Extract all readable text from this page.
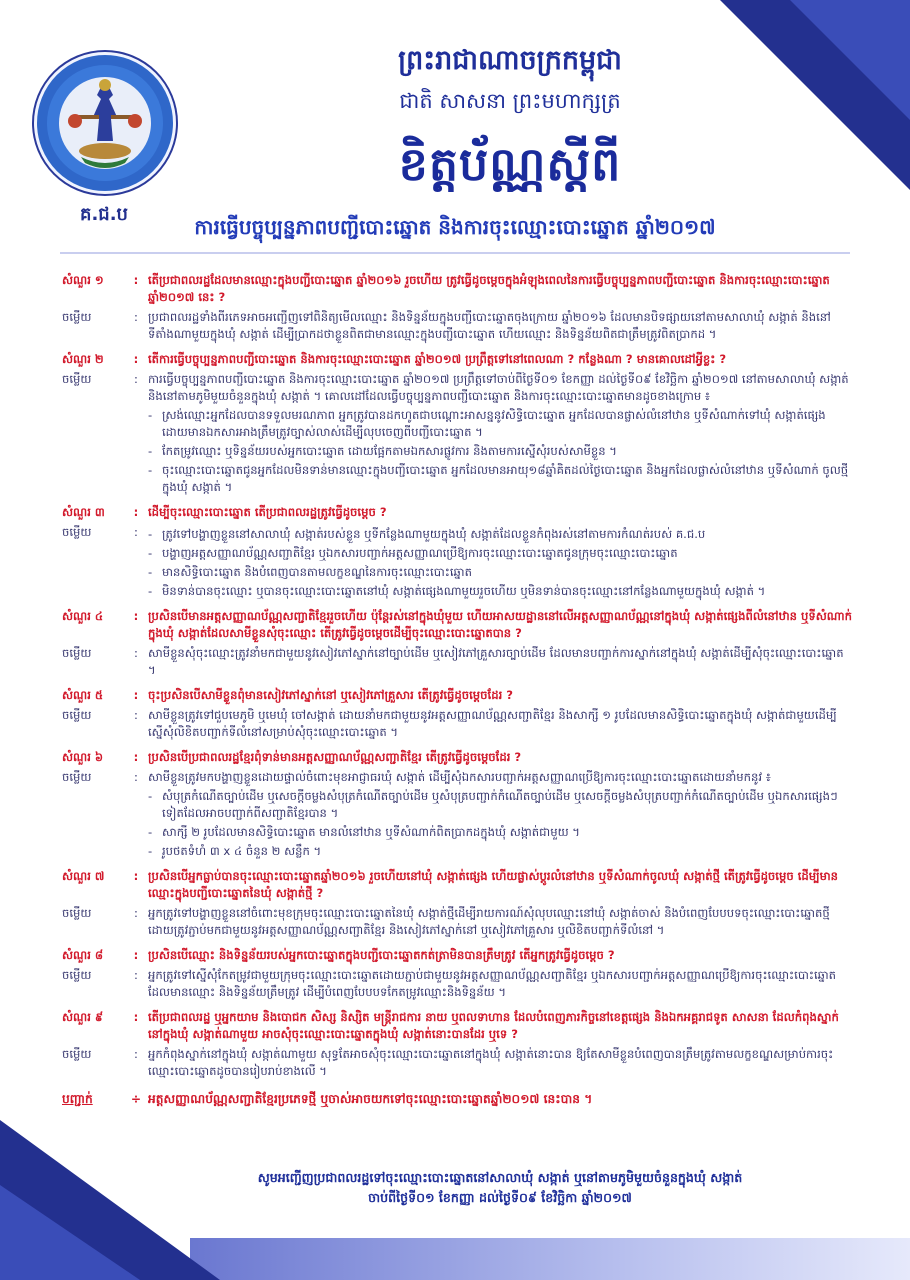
គ.ជ.ប
ព្រះរាជាណាចក្រកម្ពុជា
ជាតិ សាសនា ព្រះមហាក្សត្រ
ខិត្តប័ណ្ណស្តីពី
ការធ្វើបច្ចុប្បន្នភាពបញ្ជីបោះឆ្នោត និងការចុះឈ្មោះបោះឆ្នោត ឆ្នាំ២០១៧
សំណួរ ១	: តើប្រជាពលរដ្ឋដែលមានឈ្មោះក្នុងបញ្ជីបោះឆ្នោត ឆ្នាំ២០១៦ រួចហើយ ត្រូវធ្វើដូចម្ដេចក្នុងអំឡុងពេលនៃការធ្វើបច្ចុប្បន្នភាពបញ្ជីបោះឆ្នោត និងការចុះឈ្មោះបោះឆ្នោត ឆ្នាំ២០១៧ នេះ ?
ចម្លើយ	: ប្រជាពលរដ្ឋទាំងពីរភេទអាចអញ្ជើញទៅពិនិត្យមើលឈ្មោះ និងទិន្នន័យក្នុងបញ្ជីបោះឆ្នោតចុងក្រោយ ឆ្នាំ២០១៦ ដែលមានបិទផ្សាយនៅតាមសាលាឃុំ សង្កាត់ និងនៅទីតាំងណាមួយក្នុងឃុំ សង្កាត់ ដើម្បីប្រាកដថាខ្លួនពិតជាមានឈ្មោះក្នុងបញ្ជីបោះឆ្នោត ហើយឈ្មោះ និងទិន្នន័យពិតជាត្រឹមត្រូវពិតប្រាកដ ។
សំណួរ ២	: តើការធ្វើបច្ចុប្បន្នភាពបញ្ជីបោះឆ្នោត និងការចុះឈ្មោះបោះឆ្នោត ឆ្នាំ២០១៧ ប្រព្រឹត្តទៅនៅពេលណា ? កន្លែងណា ? មានគោលដៅអ្វីខ្លះ ?
ចម្លើយ	: ការធ្វើបច្ចុប្បន្នភាពបញ្ជីបោះឆ្នោត និងការចុះឈ្មោះបោះឆ្នោត ឆ្នាំ២០១៧ ប្រព្រឹត្តទៅចាប់ពីថ្ងៃទី០១ ខែកញ្ញា ដល់ថ្ងៃទី០៩ ខែវិច្ឆិកា ឆ្នាំ២០១៧ នៅតាមសាលាឃុំ សង្កាត់ និងនៅតាមភូមិមួយចំនួនក្នុងឃុំ សង្កាត់ ។ គោលដៅដែលធ្វើបច្ចុប្បន្នភាពបញ្ជីបោះឆ្នោត និងការចុះឈ្មោះបោះឆ្នោតមានដូចខាងក្រោម ៖
- ស្រង់ឈ្មោះអ្នកដែលបានទទួលមរណភាព អ្នកត្រូវបានដកហូតជាបណ្ដោះអាសន្ននូវសិទ្ធិបោះឆ្នោត អ្នកដែលបានផ្លាស់លំនៅឋាន ឬទីសំណាក់ទៅឃុំ សង្កាត់ផ្សេង ដោយមានឯកសារអាងត្រឹមត្រូវច្បាស់លាស់ដើម្បីលុបចេញពីបញ្ជីបោះឆ្នោត ។
- កែតម្រូវឈ្មោះ ឬទិន្នន័យរបស់អ្នកបោះឆ្នោត ដោយផ្អែកតាមឯកសារផ្លូវការ និងតាមការស្នើសុំរបស់សាមីខ្លួន ។
- ចុះឈ្មោះបោះឆ្នោតជូនអ្នកដែលមិនទាន់មានឈ្មោះក្នុងបញ្ជីបោះឆ្នោត អ្នកដែលមានអាយុ១៨ឆ្នាំគិតដល់ថ្ងៃបោះឆ្នោត និងអ្នកដែលផ្លាស់លំនៅឋាន ឬទីសំណាក់ ចូលថ្មីក្នុងឃុំ សង្កាត់ ។
សំណួរ ៣	: ដើម្បីចុះឈ្មោះបោះឆ្នោត តើប្រជាពលរដ្ឋត្រូវធ្វើដូចម្ដេច ?
ចម្លើយ	: - ត្រូវទៅបង្ហាញខ្លួននៅសាលាឃុំ សង្កាត់របស់ខ្លួន ឬទីកន្លែងណាមួយក្នុងឃុំ សង្កាត់ដែលខ្លួនកំពុងរស់នៅតាមការកំណត់របស់ គ.ជ.ប
- បង្ហាញអត្តសញ្ញាណប័ណ្ណសញ្ជាតិខ្មែរ ឬឯកសារបញ្ជាក់អត្តសញ្ញាណប្រើឱ្យការចុះឈ្មោះបោះឆ្នោតជូនក្រុមចុះឈ្មោះបោះឆ្នោត
- មានសិទ្ធិបោះឆ្នោត និងបំពេញបានតាមលក្ខខណ្ឌនៃការចុះឈ្មោះបោះឆ្នោត
- មិនទាន់បានចុះឈ្មោះ ឬបានចុះឈ្មោះបោះឆ្នោតនៅឃុំ សង្កាត់ផ្សេងណាមួយរួចហើយ ឬមិនទាន់បានចុះឈ្មោះនៅកន្លែងណាមួយក្នុងឃុំ សង្កាត់ ។
សំណួរ ៤	: ប្រសិនបើមានអត្តសញ្ញាណប័ណ្ណសញ្ជាតិខ្មែររួចហើយ ប៉ុន្តែរស់នៅក្នុងឃុំមួយ ហើយអាសយដ្ឋាននៅលើអត្តសញ្ញាណប័ណ្ណនៅក្នុងឃុំ សង្កាត់ផ្សេងពីលំនៅឋាន ឬទីសំណាក់ក្នុងឃុំ សង្កាត់ដែលសាមីខ្លួនសុំចុះឈ្មោះ តើត្រូវធ្វើដូចម្ដេចដើម្បីចុះឈ្មោះបោះឆ្នោតបាន ?
ចម្លើយ	: សាមីខ្លួនសុំចុះឈ្មោះត្រូវនាំមកជាមួយនូវសៀវភៅស្នាក់នៅច្បាប់ដើម ឬសៀវភៅគ្រួសារច្បាប់ដើម ដែលមានបញ្ជាក់ការស្នាក់នៅក្នុងឃុំ សង្កាត់ដើម្បីសុំចុះឈ្មោះបោះឆ្នោត ។
សំណួរ ៥	: ចុះប្រសិនបើសាមីខ្លួនពុំមានសៀវភៅស្នាក់នៅ ឬសៀវភៅគ្រួសារ តើត្រូវធ្វើដូចម្ដេចដែរ ?
ចម្លើយ	: សាមីខ្លួនត្រូវទៅជួបមេភូមិ ឬមេឃុំ ចៅសង្កាត់ ដោយនាំមកជាមួយនូវអត្តសញ្ញាណប័ណ្ណសញ្ជាតិខ្មែរ និងសាក្សី ១ រូបដែលមានសិទ្ធិបោះឆ្នោតក្នុងឃុំ សង្កាត់ជាមួយដើម្បីស្នើសុំលិខិតបញ្ជាក់ទីលំនៅសម្រាប់សុំចុះឈ្មោះបោះឆ្នោត ។
សំណួរ ៦	: ប្រសិនបើប្រជាពលរដ្ឋខ្មែរពុំទាន់មានអត្តសញ្ញាណប័ណ្ណសញ្ជាតិខ្មែរ តើត្រូវធ្វើដូចម្ដេចដែរ ?
ចម្លើយ	: សាមីខ្លួនត្រូវមកបង្ហាញខ្លួនដោយផ្ទាល់ចំពោះមុខអាជ្ញាធរឃុំ សង្កាត់ ដើម្បីសុំឯកសារបញ្ជាក់អត្តសញ្ញាណប្រើឱ្យការចុះឈ្មោះបោះឆ្នោតដោយនាំមកនូវ ៖
- សំបុត្រកំណើតច្បាប់ដើម ឬសេចក្ដីចម្លងសំបុត្រកំណើតច្បាប់ដើម ឬសំបុត្របញ្ជាក់កំណើតច្បាប់ដើម ឬសេចក្ដីចម្លងសំបុត្របញ្ជាក់កំណើតច្បាប់ដើម ឬឯកសារផ្សេងៗទៀតដែលអាចបញ្ជាក់ពីសញ្ជាតិខ្មែរបាន ។
- សាក្សី ២ រូបដែលមានសិទ្ធិបោះឆ្នោត មានលំនៅឋាន ឬទីសំណាក់ពិតប្រាកដក្នុងឃុំ សង្កាត់ជាមួយ ។
- រូបថតទំហំ ៣ x ៤ ចំនួន ២ សន្លឹក ។
សំណួរ ៧	: ប្រសិនបើអ្នកធ្លាប់បានចុះឈ្មោះបោះឆ្នោតឆ្នាំ២០១៦ រួចហើយនៅឃុំ សង្កាត់ផ្សេង ហើយផ្លាស់ប្ដូរលំនៅឋាន ឬទីសំណាក់ចូលឃុំ សង្កាត់ថ្មី តើត្រូវធ្វើដូចម្ដេច ដើម្បីមានឈ្មោះក្នុងបញ្ជីបោះឆ្នោតនៃឃុំ សង្កាត់ថ្មី ?
ចម្លើយ	: អ្នកត្រូវទៅបង្ហាញខ្លួននៅចំពោះមុខក្រុមចុះឈ្មោះបោះឆ្នោតនៃឃុំ សង្កាត់ថ្មីដើម្បីរាយការណ៍សុំលុបឈ្មោះនៅឃុំ សង្កាត់ចាស់ និងបំពេញបែបបទចុះឈ្មោះបោះឆ្នោតថ្មី ដោយត្រូវភ្ជាប់មកជាមួយនូវអត្តសញ្ញាណប័ណ្ណសញ្ជាតិខ្មែរ និងសៀវភៅស្នាក់នៅ ឬសៀវភៅគ្រួសារ ឬលិខិតបញ្ជាក់ទីលំនៅ ។
សំណួរ ៨	: ប្រសិនបើឈ្មោះ និងទិន្នន័យរបស់អ្នកបោះឆ្នោតក្នុងបញ្ជីបោះឆ្នោតកត់ត្រាមិនបានត្រឹមត្រូវ តើអ្នកត្រូវធ្វើដូចម្ដេច ?
ចម្លើយ	: អ្នកត្រូវទៅស្នើសុំកែតម្រូវជាមួយក្រុមចុះឈ្មោះបោះឆ្នោតដោយភ្ជាប់ជាមួយនូវអត្តសញ្ញាណប័ណ្ណសញ្ជាតិខ្មែរ ឬឯកសារបញ្ជាក់អត្តសញ្ញាណប្រើឱ្យការចុះឈ្មោះបោះឆ្នោតដែលមានឈ្មោះ និងទិន្នន័យត្រឹមត្រូវ ដើម្បីបំពេញបែបបទកែតម្រូវឈ្មោះនិងទិន្នន័យ ។
សំណួរ ៩	: តើប្រជាពលរដ្ឋ ឬអ្នកយាម និងបោជក សិស្ស និស្សិត មន្ត្រីរាជការ នាយ ឬពលទាហាន ដែលបំពេញភារកិច្ចនៅខេត្តផ្សេង និងឯកអគ្គរាជទូត សាសនា ដែលកំពុងស្នាក់នៅក្នុងឃុំ សង្កាត់ណាមួយ អាចសុំចុះឈ្មោះបោះឆ្នោតក្នុងឃុំ សង្កាត់នោះបានដែរ ឬទេ ?
ចម្លើយ	: អ្នកកំពុងស្នាក់នៅក្នុងឃុំ សង្កាត់ណាមួយ សុទ្ធតែអាចសុំចុះឈ្មោះបោះឆ្នោតនៅក្នុងឃុំ សង្កាត់នោះបាន ឱ្យតែសាមីខ្លួនបំពេញបានត្រឹមត្រូវតាមលក្ខខណ្ឌសម្រាប់ការចុះឈ្មោះបោះឆ្នោតដូចបានរៀបរាប់ខាងលើ ។
បញ្ជាក់	÷ អត្តសញ្ញាណប័ណ្ណសញ្ជាតិខ្មែរប្រភេទថ្មី ឬចាស់អាចយកទៅចុះឈ្មោះបោះឆ្នោតឆ្នាំ២០១៧ នេះបាន ។
សូមអញ្ជើញប្រជាពលរដ្ឋទៅចុះឈ្មោះបោះឆ្នោតនៅសាលាឃុំ សង្កាត់ ឬនៅតាមភូមិមួយចំនួនក្នុងឃុំ សង្កាត់
ចាប់ពីថ្ងៃទី០១ ខែកញ្ញា ដល់ថ្ងៃទី០៩ ខែវិច្ឆិកា ឆ្នាំ២០១៧
